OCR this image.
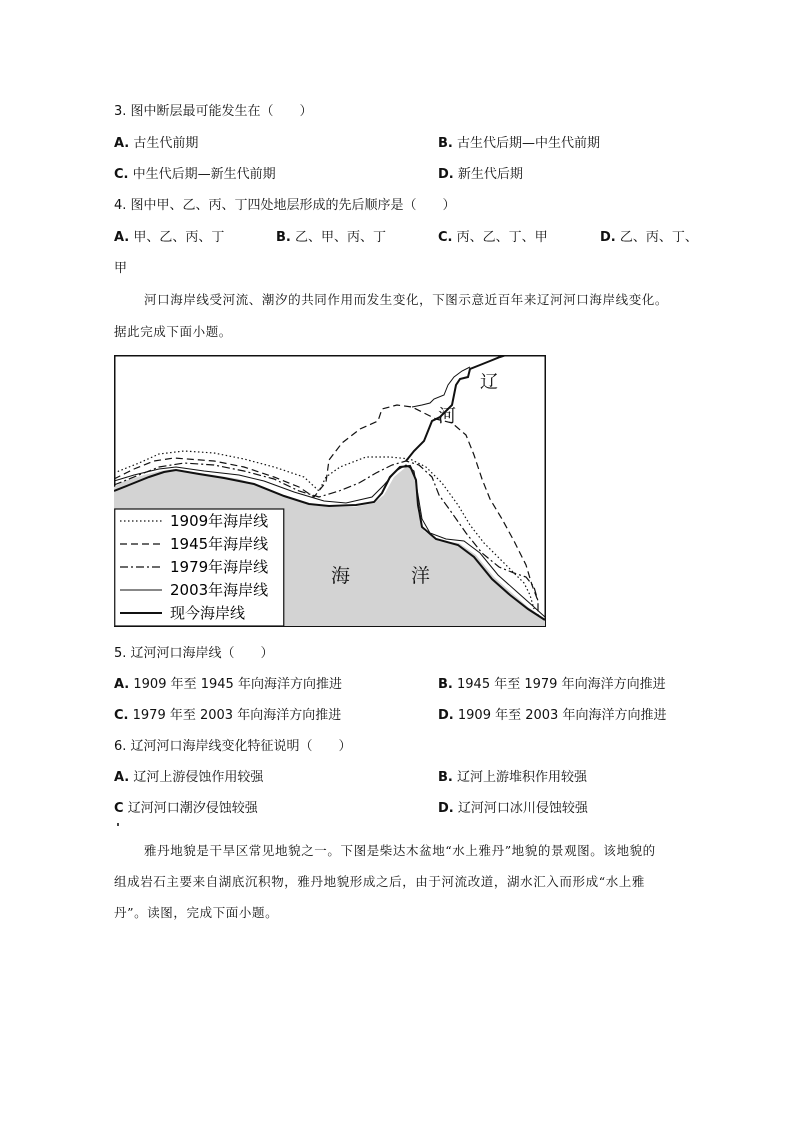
3. 图中断层最可能发生在（　　）
A. 古生代前期	B. 古生代后期—中生代前期
C. 中生代后期—新生代前期	D. 新生代后期
4. 图中甲、乙、丙、丁四处地层形成的先后顺序是（　　）
A. 甲、乙、丙、丁	B. 乙、甲、丙、丁	C. 丙、乙、丁、甲	D. 乙、丙、丁、
甲
河口海岸线受河流、潮汐的共同作用而发生变化，下图示意近百年来辽河河口海岸线变化。
据此完成下面小题。
辽
河
海	洋
1909年海岸线
1945年海岸线
1979年海岸线
2003年海岸线
现今海岸线
5. 辽河河口海岸线（　　）
A. 1909 年至 1945 年向海洋方向推进	B. 1945 年至 1979 年向海洋方向推进
C. 1979 年至 2003 年向海洋方向推进	D. 1909 年至 2003 年向海洋方向推进
6. 辽河河口海岸线变化特征说明（　　）
A. 辽河上游侵蚀作用较强	B. 辽河上游堆积作用较强
C 辽河河口潮汐侵蚀较强	D. 辽河河口冰川侵蚀较强
雅丹地貌是干旱区常见地貌之一。下图是柴达木盆地“水上雅丹”地貌的景观图。该地貌的
组成岩石主要来自湖底沉积物，雅丹地貌形成之后，由于河流改道，湖水汇入而形成“水上雅
丹”。读图，完成下面小题。
